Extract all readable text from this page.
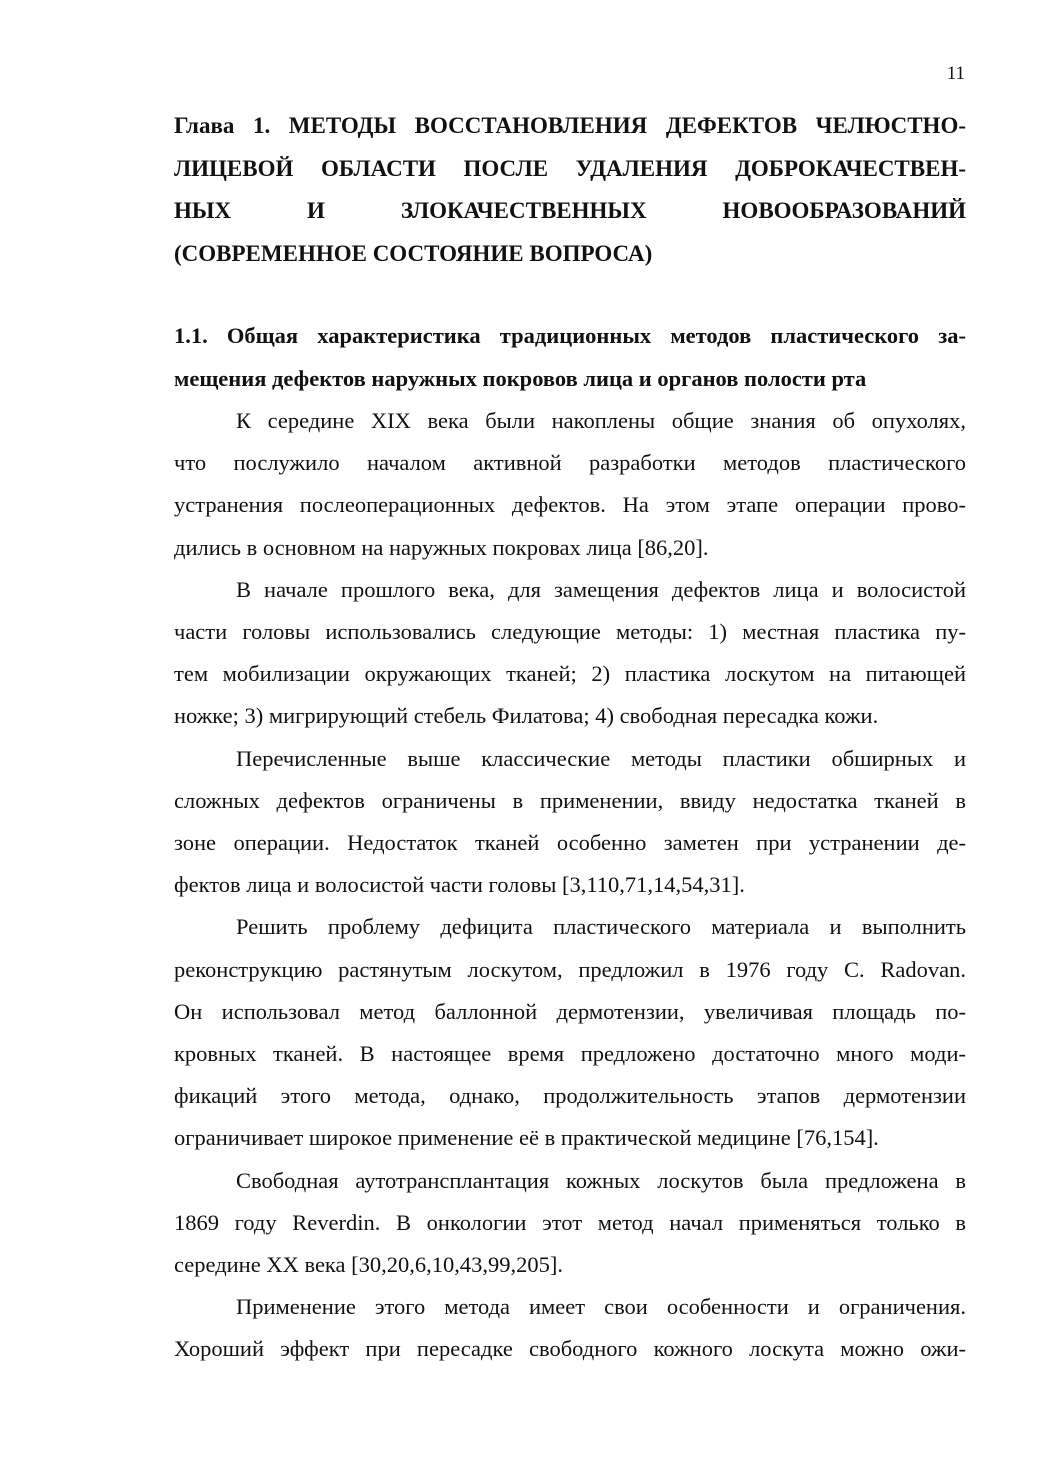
11
Глава 1. МЕТОДЫ ВОССТАНОВЛЕНИЯ ДЕФЕКТОВ ЧЕЛЮСТНО-
ЛИЦЕВОЙ ОБЛАСТИ ПОСЛЕ УДАЛЕНИЯ ДОБРОКАЧЕСТВЕН-
НЫХ И ЗЛОКАЧЕСТВЕННЫХ НОВООБРАЗОВАНИЙ
(СОВРЕМЕННОЕ СОСТОЯНИЕ ВОПРОСА)
1.1. Общая характеристика традиционных методов пластического за-
мещения дефектов наружных покровов лица и органов полости рта

К середине XIX века были накоплены общие знания об опухолях,
что послужило началом активной разработки методов пластического
устранения послеоперационных дефектов. На этом этапе операции прово-
дились в основном на наружных покровах лица [86,20].

В начале прошлого века, для замещения дефектов лица и волосистой
части головы использовались следующие методы: 1) местная пластика пу-
тем мобилизации окружающих тканей; 2) пластика лоскутом на питающей
ножке; 3) мигрирующий стебель Филатова; 4) свободная пересадка кожи.

Перечисленные выше классические методы пластики обширных и
сложных дефектов ограничены в применении, ввиду недостатка тканей в
зоне операции. Недостаток тканей особенно заметен при устранении де-
фектов лица и волосистой части головы [3,110,71,14,54,31].

Решить проблему дефицита пластического материала и выполнить
реконструкцию растянутым лоскутом, предложил в 1976 году C. Radovan.
Он использовал метод баллонной дермотензии, увеличивая площадь по-
кровных тканей. В настоящее время предложено достаточно много моди-
фикаций этого метода, однако, продолжительность этапов дермотензии
ограничивает широкое применение её в практической медицине [76,154].

Свободная аутотрансплантация кожных лоскутов была предложена в
1869 году Reverdin. В онкологии этот метод начал применяться только в
середине XX века [30,20,6,10,43,99,205].

Применение этого метода имеет свои особенности и ограничения.
Хороший эффект при пересадке свободного кожного лоскута можно ожи-
